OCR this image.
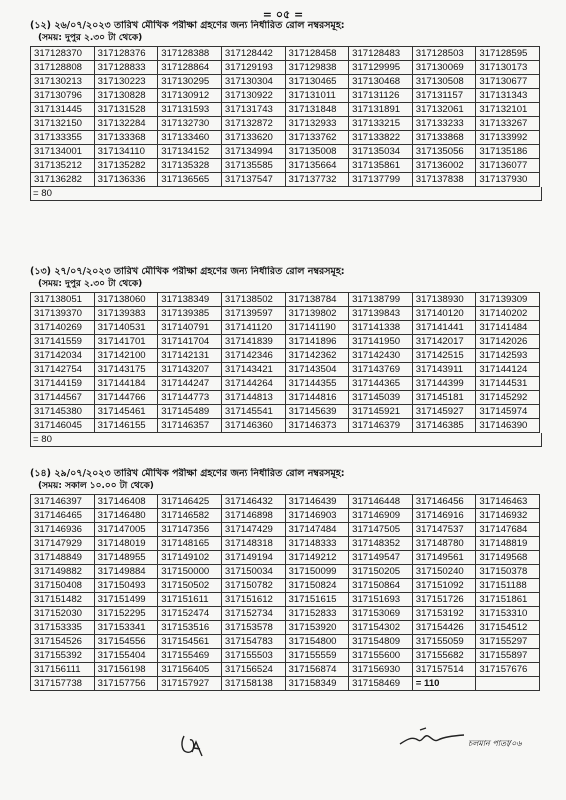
= ০৫ =
(১২) ২৬/০৭/২০২৩ তারিখ মৌখিক পরীক্ষা গ্রহণের জন্য নির্ধারিত রোল নম্বরসমূহ:
(সময়: দুপুর ২.৩০ টা থেকে)
317128370	317128376	317128388	317128442	317128458	317128483	317128503	317128595
317128808	317128833	317128864	317129193	317129838	317129995	317130069	317130173
317130213	317130223	317130295	317130304	317130465	317130468	317130508	317130677
317130796	317130828	317130912	317130922	317131011	317131126	317131157	317131343
317131445	317131528	317131593	317131743	317131848	317131891	317132061	317132101
317132150	317132284	317132730	317132872	317132933	317133215	317133233	317133267
317133355	317133368	317133460	317133620	317133762	317133822	317133868	317133992
317134001	317134110	317134152	317134994	317135008	317135034	317135056	317135186
317135212	317135282	317135328	317135585	317135664	317135861	317136002	317136077
317136282	317136336	317136565	317137547	317137732	317137799	317137838	317137930
= 80
(১৩) ২৭/০৭/২০২৩ তারিখ মৌখিক পরীক্ষা গ্রহণের জন্য নির্ধারিত রোল নম্বরসমূহ:
(সময়: দুপুর ২.৩০ টা থেকে)
317138051	317138060	317138349	317138502	317138784	317138799	317138930	317139309
317139370	317139383	317139385	317139597	317139802	317139843	317140120	317140202
317140269	317140531	317140791	317141120	317141190	317141338	317141441	317141484
317141559	317141701	317141704	317141839	317141896	317141950	317142017	317142026
317142034	317142100	317142131	317142346	317142362	317142430	317142515	317142593
317142754	317143175	317143207	317143421	317143504	317143769	317143911	317144124
317144159	317144184	317144247	317144264	317144355	317144365	317144399	317144531
317144567	317144766	317144773	317144813	317144816	317145039	317145181	317145292
317145380	317145461	317145489	317145541	317145639	317145921	317145927	317145974
317146045	317146155	317146357	317146360	317146373	317146379	317146385	317146390
= 80
(১৪) ২৯/০৭/২০২৩ তারিখ মৌখিক পরীক্ষা গ্রহণের জন্য নির্ধারিত রোল নম্বরসমূহ:
(সময়: সকাল ১০.০০ টা থেকে)
317146397	317146408	317146425	317146432	317146439	317146448	317146456	317146463
317146465	317146480	317146582	317146898	317146903	317146909	317146916	317146932
317146936	317147005	317147356	317147429	317147484	317147505	317147537	317147684
317147929	317148019	317148165	317148318	317148333	317148352	317148780	317148819
317148849	317148955	317149102	317149194	317149212	317149547	317149561	317149568
317149882	317149884	317150000	317150034	317150099	317150205	317150240	317150378
317150408	317150493	317150502	317150782	317150824	317150864	317151092	317151188
317151482	317151499	317151611	317151612	317151615	317151693	317151726	317151861
317152030	317152295	317152474	317152734	317152833	317153069	317153192	317153310
317153335	317153341	317153516	317153578	317153920	317154302	317154426	317154512
317154526	317154556	317154561	317154783	317154800	317154809	317155059	317155297
317155392	317155404	317155469	317155503	317155559	317155600	317155682	317155897
317156111	317156198	317156405	317156524	317156874	317156930	317157514	317157676
317157738	317157756	317157927	317158138	317158349	317158469	= 110	
চলমান পাতা/০৬
